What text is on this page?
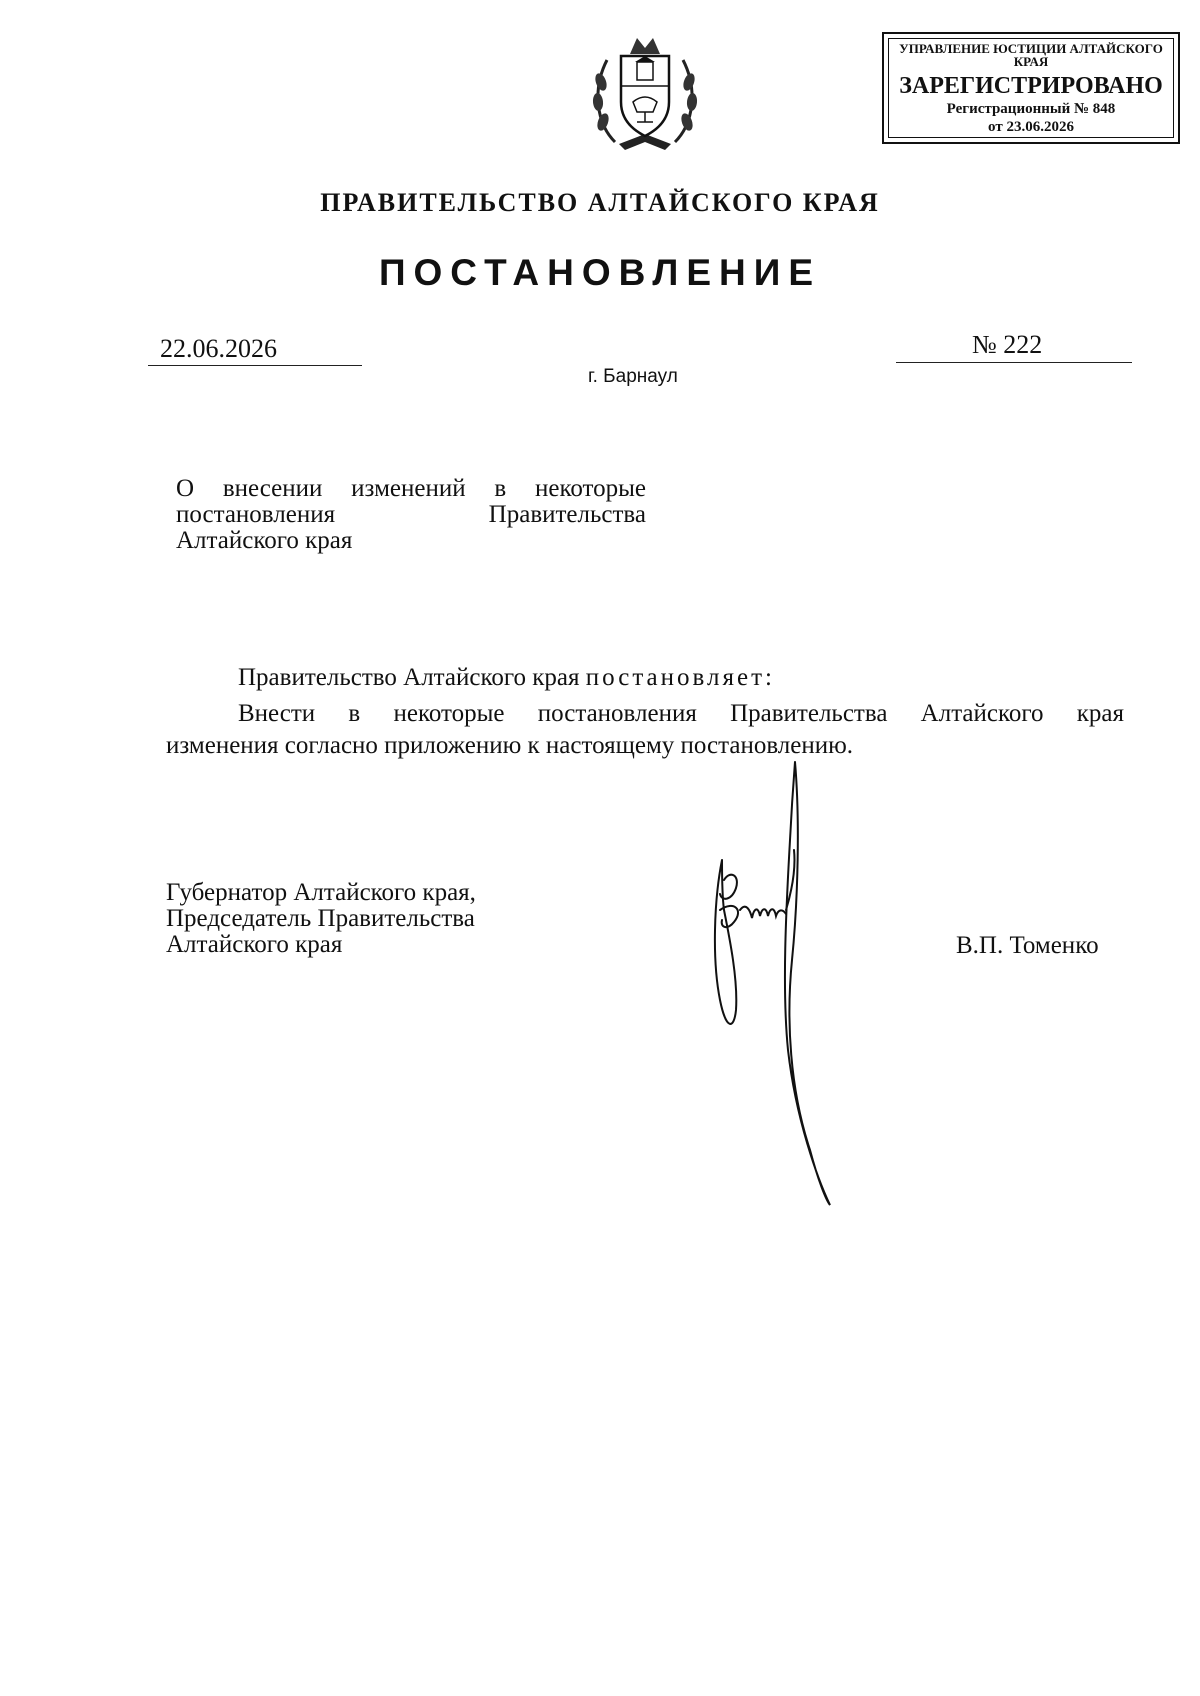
УПРАВЛЕНИЕ ЮСТИЦИИ АЛТАЙСКОГО КРАЯ
ЗАРЕГИСТРИРОВАНО
Регистрационный № 848
от 23.06.2026
ПРАВИТЕЛЬСТВО АЛТАЙСКОГО КРАЯ
ПОСТАНОВЛЕНИЕ
22.06.2026	№ 222
г. Барнаул
О внесении изменений в некоторые
постановления Правительства
Алтайского края
Правительство Алтайского края постановляет:
Внести в некоторые постановления Правительства Алтайского края
изменения согласно приложению к настоящему постановлению.
Губернатор Алтайского края,
Председатель Правительства
Алтайского края	В.П. Томенко
